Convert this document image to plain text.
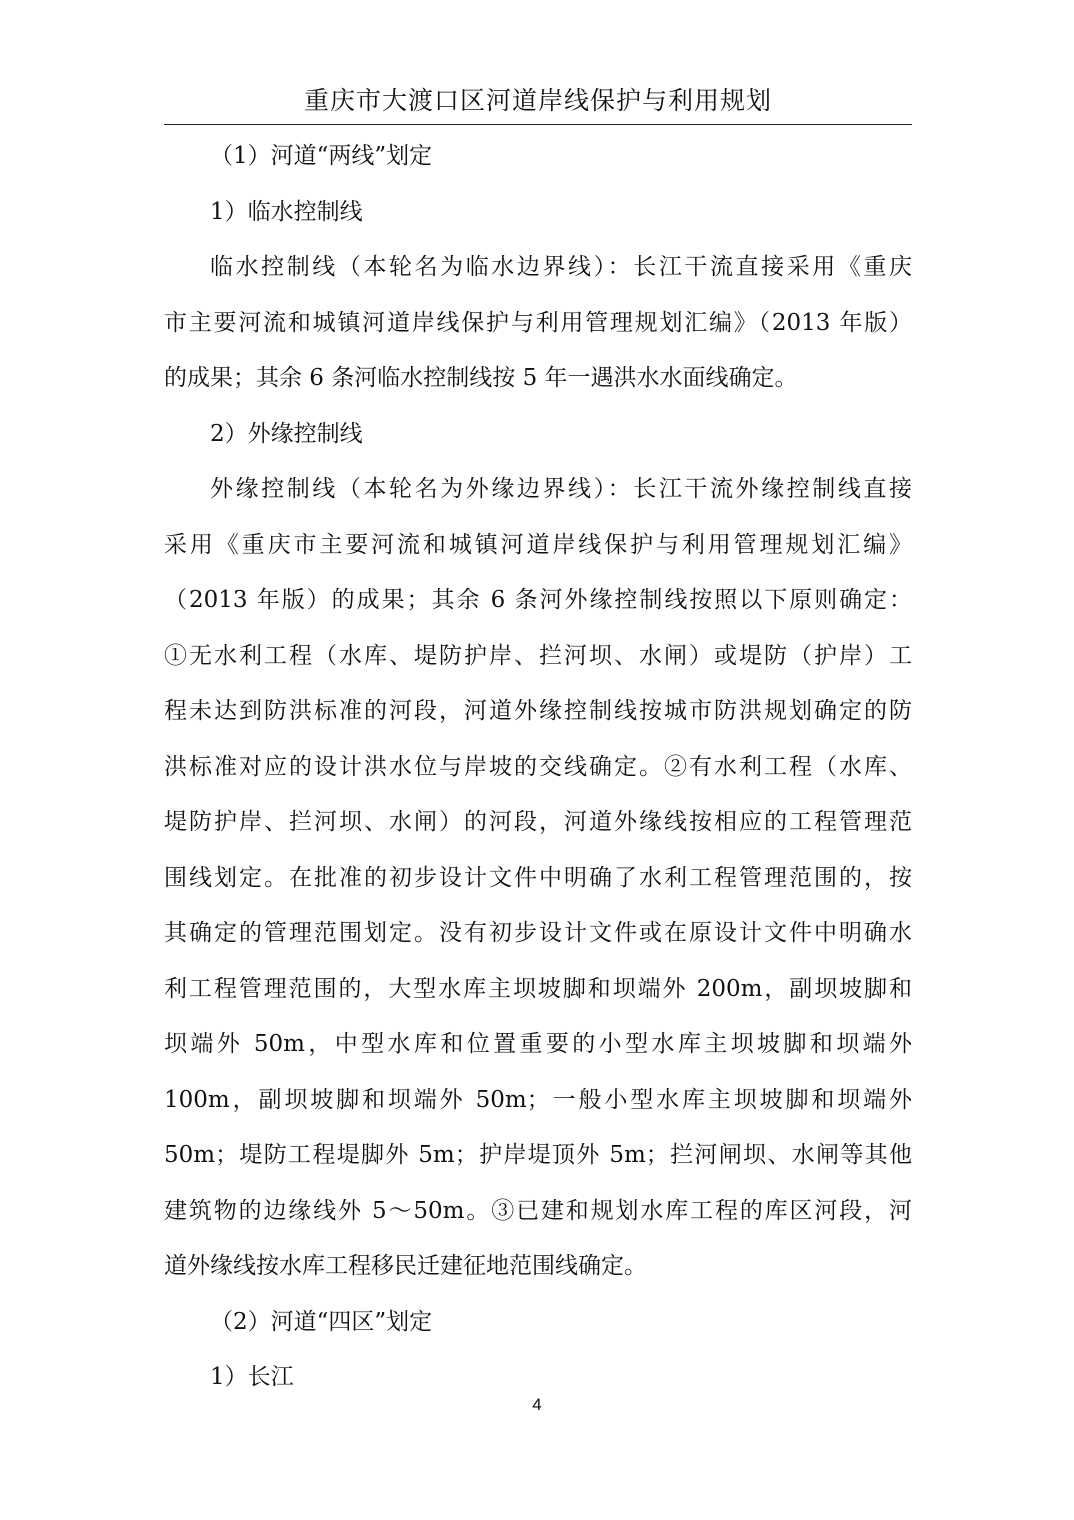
重庆市大渡口区河道岸线保护与利用规划
（1）河道“两线”划定
1）临水控制线
临水控制线（本轮名为临水边界线）：长江干流直接采用《重庆
市主要河流和城镇河道岸线保护与利用管理规划汇编》（2013 年版）
的成果；其余 6 条河临水控制线按 5 年一遇洪水水面线确定。
2）外缘控制线
外缘控制线（本轮名为外缘边界线）：长江干流外缘控制线直接
采用《重庆市主要河流和城镇河道岸线保护与利用管理规划汇编》
（2013 年版）的成果；其余 6 条河外缘控制线按照以下原则确定：
①无水利工程（水库、堤防护岸、拦河坝、水闸）或堤防（护岸）工
程未达到防洪标准的河段，河道外缘控制线按城市防洪规划确定的防
洪标准对应的设计洪水位与岸坡的交线确定。②有水利工程（水库、
堤防护岸、拦河坝、水闸）的河段，河道外缘线按相应的工程管理范
围线划定。在批准的初步设计文件中明确了水利工程管理范围的，按
其确定的管理范围划定。没有初步设计文件或在原设计文件中明确水
利工程管理范围的，大型水库主坝坡脚和坝端外 200m，副坝坡脚和
坝端外 50m，中型水库和位置重要的小型水库主坝坡脚和坝端外
100m，副坝坡脚和坝端外 50m；一般小型水库主坝坡脚和坝端外
50m；堤防工程堤脚外 5m；护岸堤顶外 5m；拦河闸坝、水闸等其他
建筑物的边缘线外 5～50m。③已建和规划水库工程的库区河段，河
道外缘线按水库工程移民迁建征地范围线确定。
（2）河道“四区”划定
1）长江
4
